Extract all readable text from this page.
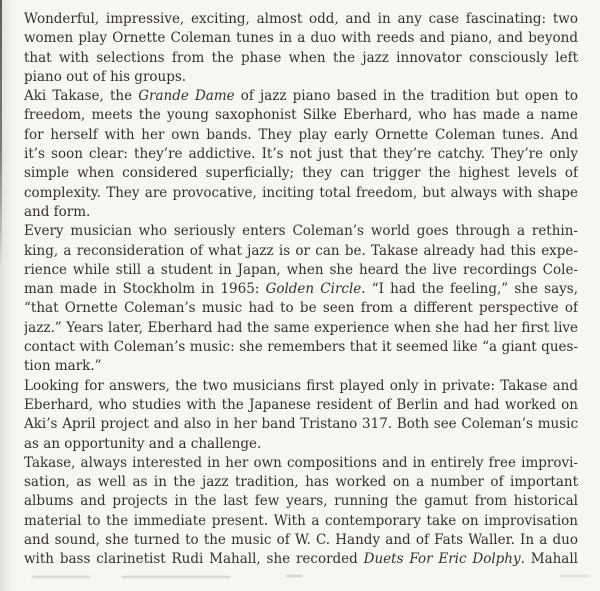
Wonderful, impressive, exciting, almost odd, and in any case fascinating: two
women play Ornette Coleman tunes in a duo with reeds and piano, and beyond
that with selections from the phase when the jazz innovator consciously left
piano out of his groups.
Aki Takase, the Grande Dame of jazz piano based in the tradition but open to
freedom, meets the young saxophonist Silke Eberhard, who has made a name
for herself with her own bands. They play early Ornette Coleman tunes. And
it’s soon clear: they’re addictive. It’s not just that they’re catchy. They’re only
simple when considered superficially; they can trigger the highest levels of
complexity. They are provocative, inciting total freedom, but always with shape
and form.
Every musician who seriously enters Coleman’s world goes through a rethin-
king, a reconsideration of what jazz is or can be. Takase already had this expe-
rience while still a student in Japan, when she heard the live recordings Cole-
man made in Stockholm in 1965: Golden Circle. “I had the feeling,” she says,
“that Ornette Coleman’s music had to be seen from a different perspective of
jazz.” Years later, Eberhard had the same experience when she had her first live
contact with Coleman’s music: she remembers that it seemed like “a giant ques-
tion mark.”
Looking for answers, the two musicians first played only in private: Takase and
Eberhard, who studies with the Japanese resident of Berlin and had worked on
Aki’s April project and also in her band Tristano 317. Both see Coleman’s music
as an opportunity and a challenge.
Takase, always interested in her own compositions and in entirely free improvi-
sation, as well as in the jazz tradition, has worked on a number of important
albums and projects in the last few years, running the gamut from historical
material to the immediate present. With a contemporary take on improvisation
and sound, she turned to the music of W. C. Handy and of Fats Waller. In a duo
with bass clarinetist Rudi Mahall, she recorded Duets For Eric Dolphy. Mahall
